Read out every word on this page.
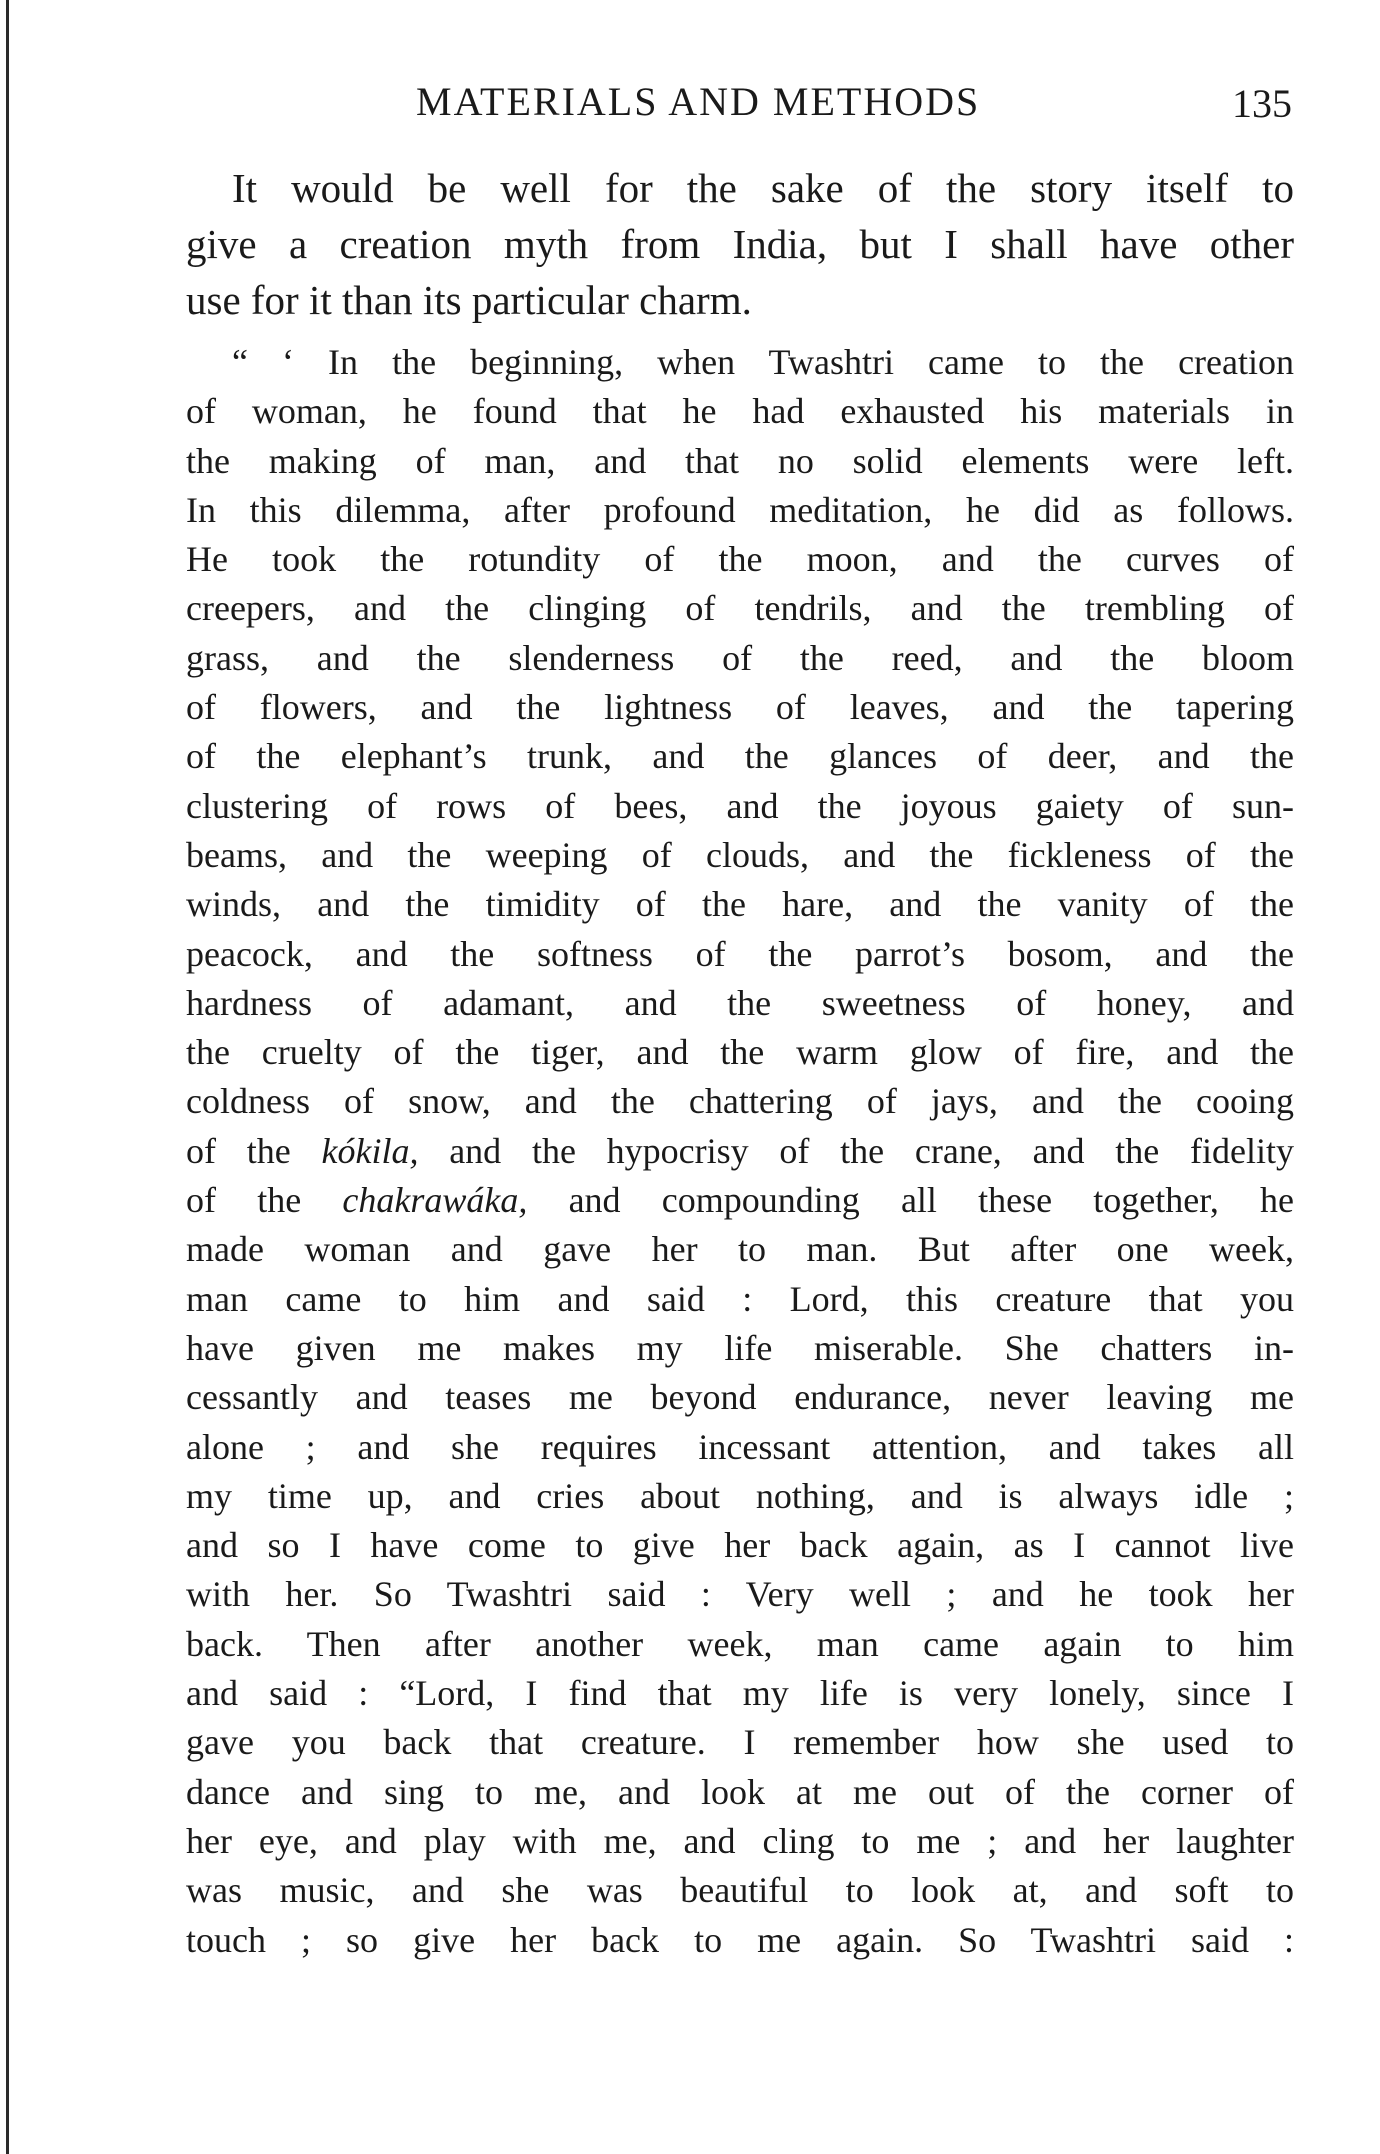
MATERIALS AND METHODS	135

It would be well for the sake of the story itself to
give a creation myth from India, but I shall have other
use for it than its particular charm.

“ ‘ In the beginning, when Twashtri came to the creation
of woman, he found that he had exhausted his materials in
the making of man, and that no solid elements were left.
In this dilemma, after profound meditation, he did as follows.
He took the rotundity of the moon, and the curves of
creepers, and the clinging of tendrils, and the trembling of
grass, and the slenderness of the reed, and the bloom
of flowers, and the lightness of leaves, and the tapering
of the elephant’s trunk, and the glances of deer, and the
clustering of rows of bees, and the joyous gaiety of sun-
beams, and the weeping of clouds, and the fickleness of the
winds, and the timidity of the hare, and the vanity of the
peacock, and the softness of the parrot’s bosom, and the
hardness of adamant, and the sweetness of honey, and
the cruelty of the tiger, and the warm glow of fire, and the
coldness of snow, and the chattering of jays, and the cooing
of the kókila, and the hypocrisy of the crane, and the fidelity
of the chakrawáka, and compounding all these together, he
made woman and gave her to man. But after one week,
man came to him and said : Lord, this creature that you
have given me makes my life miserable. She chatters in-
cessantly and teases me beyond endurance, never leaving me
alone ; and she requires incessant attention, and takes all
my time up, and cries about nothing, and is always idle ;
and so I have come to give her back again, as I cannot live
with her. So Twashtri said : Very well ; and he took her
back. Then after another week, man came again to him
and said : “Lord, I find that my life is very lonely, since I
gave you back that creature. I remember how she used to
dance and sing to me, and look at me out of the corner of
her eye, and play with me, and cling to me ; and her laughter
was music, and she was beautiful to look at, and soft to
touch ; so give her back to me again. So Twashtri said :
